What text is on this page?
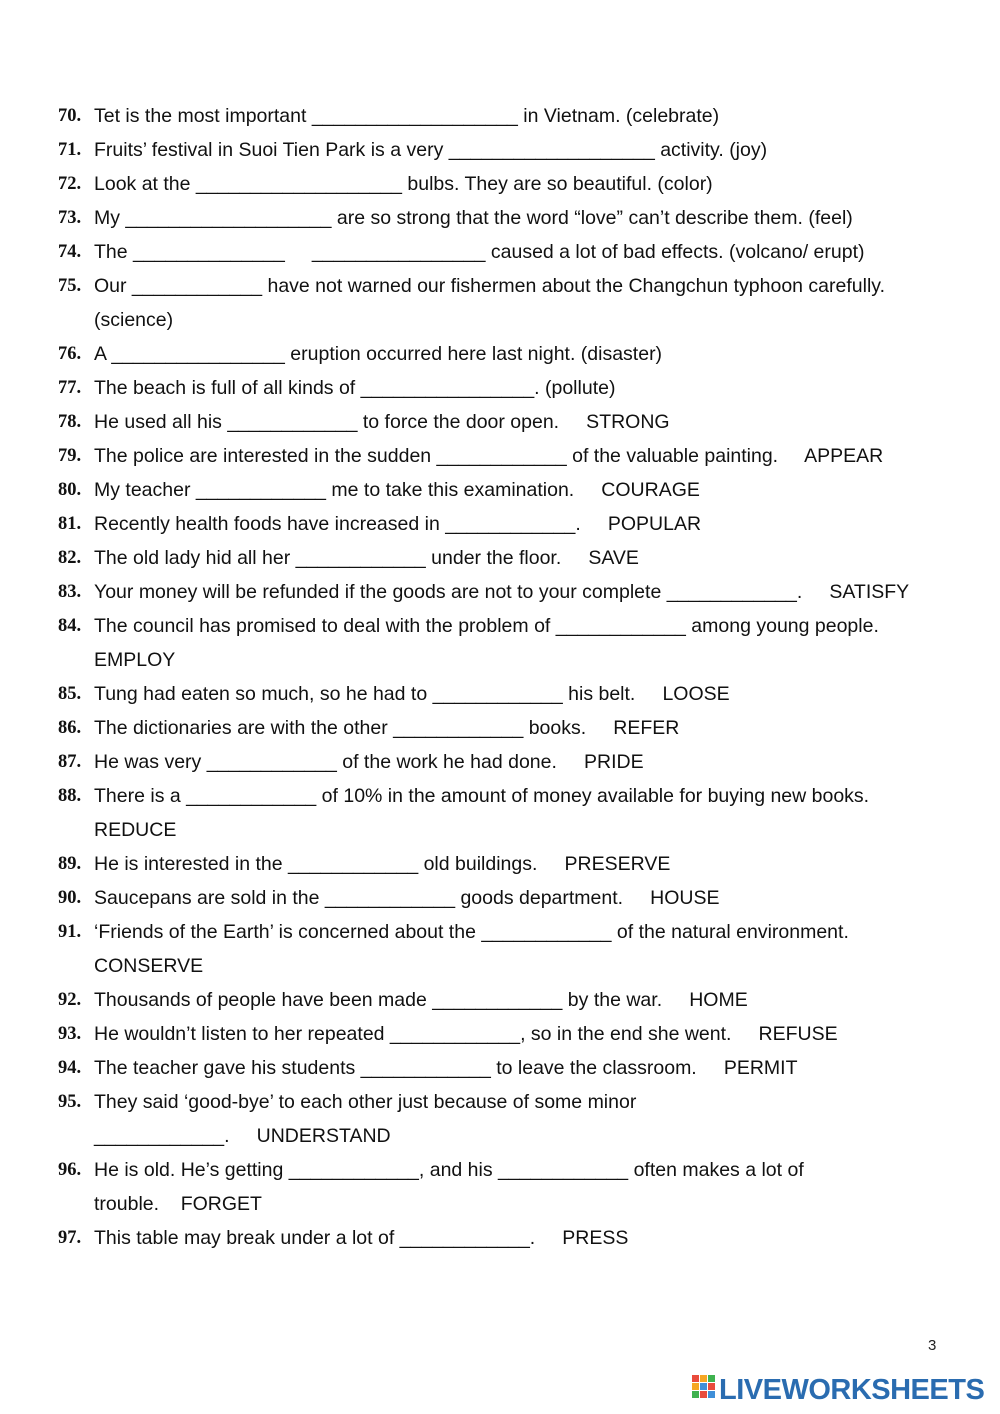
70. Tet is the most important ___________________ in Vietnam. (celebrate)
71. Fruits’ festival in Suoi Tien Park is a very ___________________ activity. (joy)
72. Look at the ___________________ bulbs. They are so beautiful. (color)
73. My ___________________ are so strong that the word “love” can’t describe them. (feel)
74. The ______________     ________________ caused a lot of bad effects. (volcano/ erupt)
75. Our ____________ have not warned our fishermen about the Changchun typhoon carefully.
(science)
76. A ________________ eruption occurred here last night. (disaster)
77. The beach is full of all kinds of ________________. (pollute)
78. He used all his ____________ to force the door open.     STRONG
79. The police are interested in the sudden ____________ of the valuable painting.     APPEAR
80. My teacher ____________ me to take this examination.     COURAGE
81. Recently health foods have increased in ____________.     POPULAR
82. The old lady hid all her ____________ under the floor.     SAVE
83. Your money will be refunded if the goods are not to your complete ____________.     SATISFY
84. The council has promised to deal with the problem of ____________ among young people.
EMPLOY
85. Tung had eaten so much, so he had to ____________ his belt.     LOOSE
86. The dictionaries are with the other ____________ books.     REFER
87. He was very ____________ of the work he had done.     PRIDE
88. There is a ____________ of 10% in the amount of money available for buying new books.
REDUCE
89. He is interested in the ____________ old buildings.     PRESERVE
90. Saucepans are sold in the ____________ goods department.     HOUSE
91. ‘Friends of the Earth’ is concerned about the ____________ of the natural environment.
CONSERVE
92. Thousands of people have been made ____________ by the war.     HOME
93. He wouldn’t listen to her repeated ____________, so in the end she went.     REFUSE
94. The teacher gave his students ____________ to leave the classroom.     PERMIT
95. They said ‘good-bye’ to each other just because of some minor
____________.     UNDERSTAND
96. He is old. He’s getting ____________, and his ____________ often makes a lot of
trouble.    FORGET
97. This table may break under a lot of ____________.     PRESS
3
LIVEWORKSHEETS
